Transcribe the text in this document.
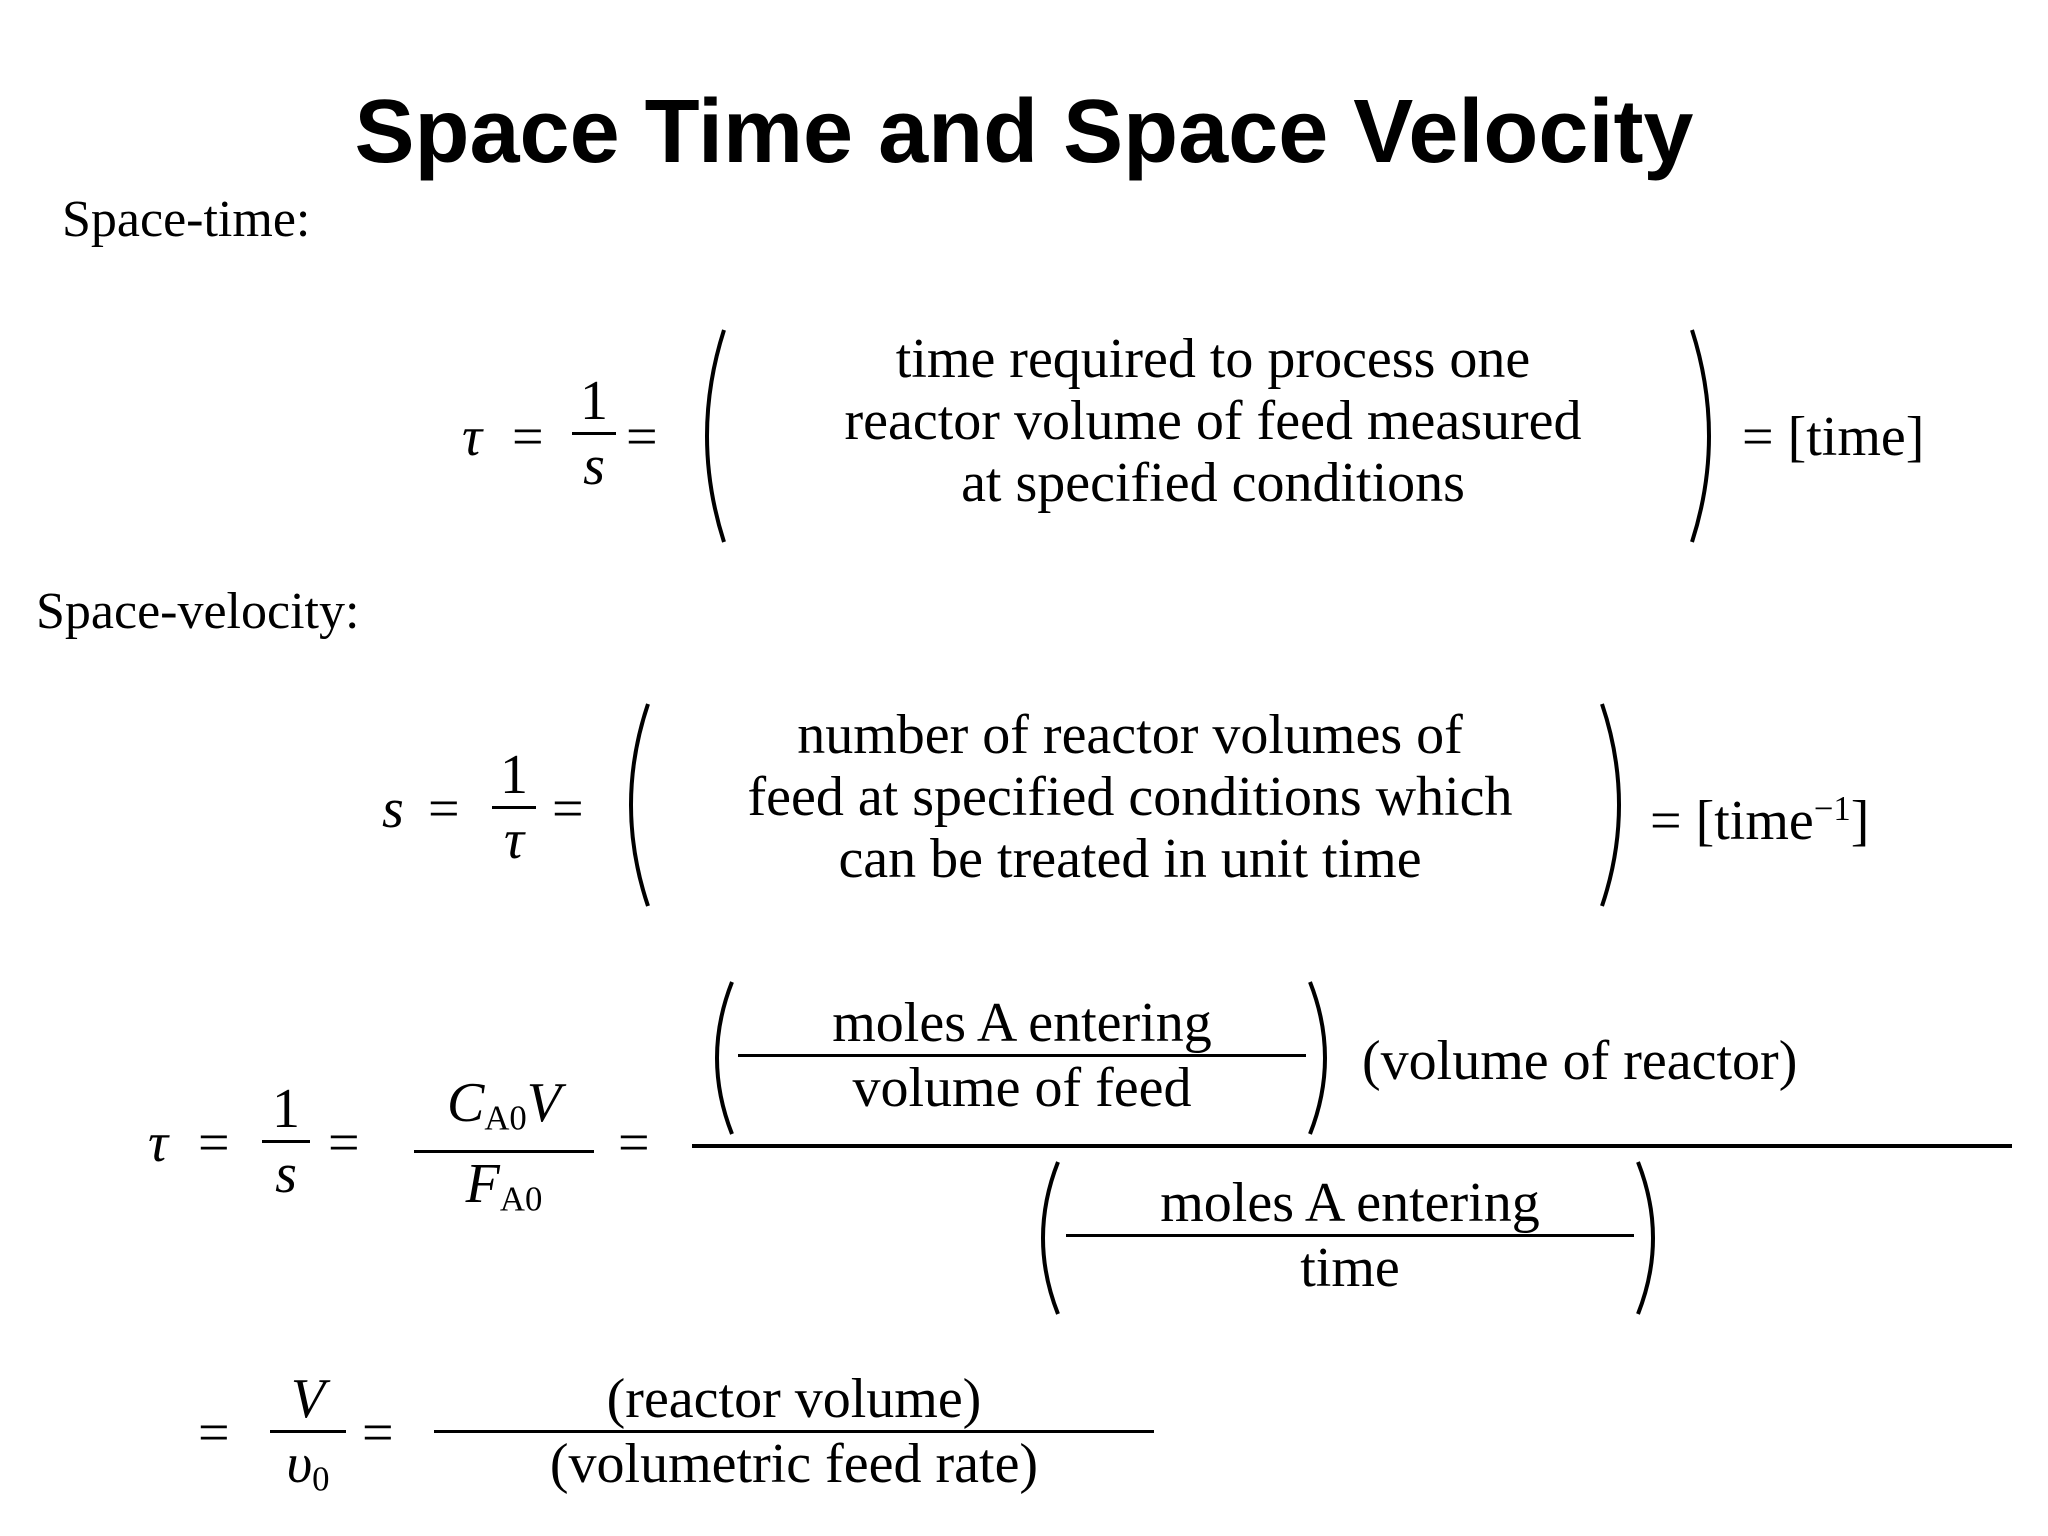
Space Time and Space Velocity
Space-time:
τ =
1
s =
time required to process one
reactor volume of feed measured
at specified conditions
= [time]
Space-velocity:
s =
1
τ =
number of reactor volumes of
feed at specified conditions which
can be treated in unit time
= [time$^{-1}$]
τ =
1
s =
$C_{A0}V$
$F_{A0}$
=
moles A entering
volume of feed	(volume of reactor)
moles A entering
time
=
V
$\upsilon_0$
=
(reactor volume)
(volumetric feed rate)
